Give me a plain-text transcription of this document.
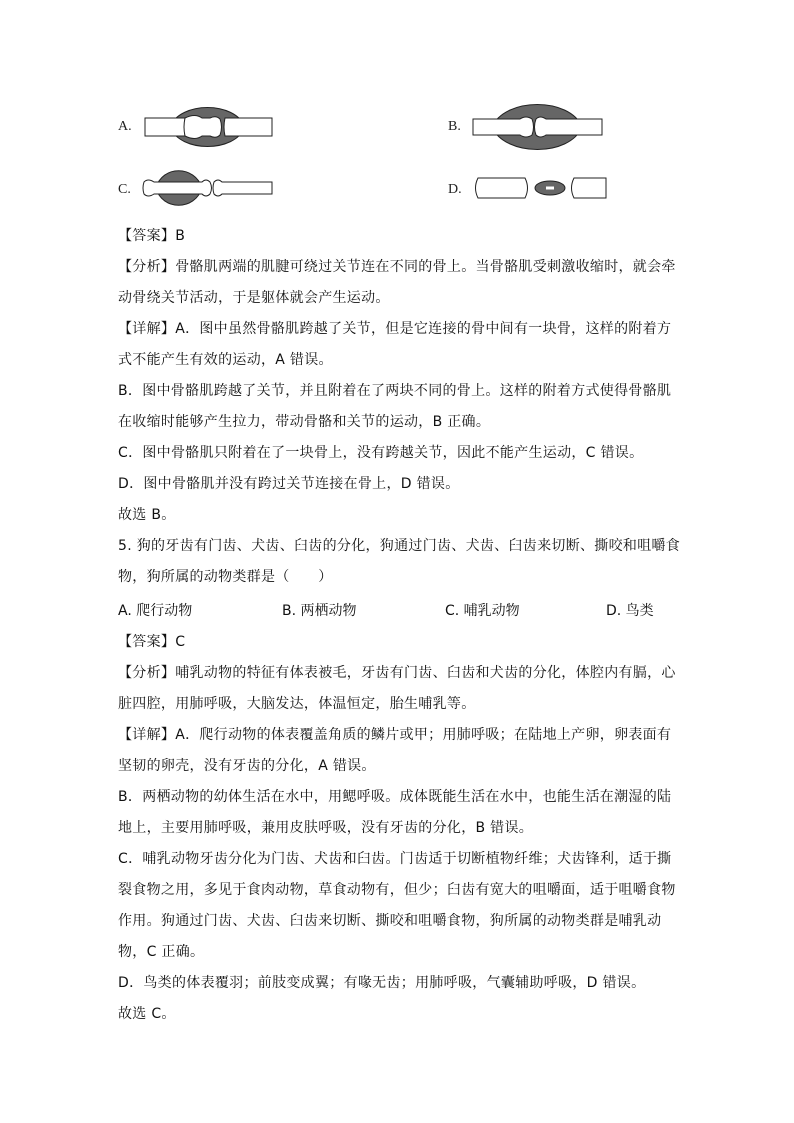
A.	B.
C.	D.
【答案】B
【分析】骨骼肌两端的肌腱可绕过关节连在不同的骨上。当骨骼肌受刺激收缩时，就会牵
动骨绕关节活动，于是躯体就会产生运动。
【详解】A．图中虽然骨骼肌跨越了关节，但是它连接的骨中间有一块骨，这样的附着方
式不能产生有效的运动，A 错误。
B．图中骨骼肌跨越了关节，并且附着在了两块不同的骨上。这样的附着方式使得骨骼肌
在收缩时能够产生拉力，带动骨骼和关节的运动，B 正确。
C．图中骨骼肌只附着在了一块骨上，没有跨越关节，因此不能产生运动，C 错误。
D．图中骨骼肌并没有跨过关节连接在骨上，D 错误。
故选 B。
5. 狗的牙齿有门齿、犬齿、臼齿的分化，狗通过门齿、犬齿、臼齿来切断、撕咬和咀嚼食
物，狗所属的动物类群是（　　）
A. 爬行动物	B. 两栖动物	C. 哺乳动物	D. 鸟类
【答案】C
【分析】哺乳动物的特征有体表被毛，牙齿有门齿、臼齿和犬齿的分化，体腔内有膈，心
脏四腔，用肺呼吸，大脑发达，体温恒定，胎生哺乳等。
【详解】A．爬行动物的体表覆盖角质的鳞片或甲；用肺呼吸；在陆地上产卵，卵表面有
坚韧的卵壳，没有牙齿的分化，A 错误。
B．两栖动物的幼体生活在水中，用鳃呼吸。成体既能生活在水中，也能生活在潮湿的陆
地上，主要用肺呼吸，兼用皮肤呼吸，没有牙齿的分化，B 错误。
C．哺乳动物牙齿分化为门齿、犬齿和臼齿。门齿适于切断植物纤维；犬齿锋利，适于撕
裂食物之用，多见于食肉动物，草食动物有，但少；臼齿有宽大的咀嚼面，适于咀嚼食物
作用。狗通过门齿、犬齿、臼齿来切断、撕咬和咀嚼食物，狗所属的动物类群是哺乳动
物，C 正确。
D．鸟类的体表覆羽；前肢变成翼；有喙无齿；用肺呼吸，气囊辅助呼吸，D 错误。
故选 C。
